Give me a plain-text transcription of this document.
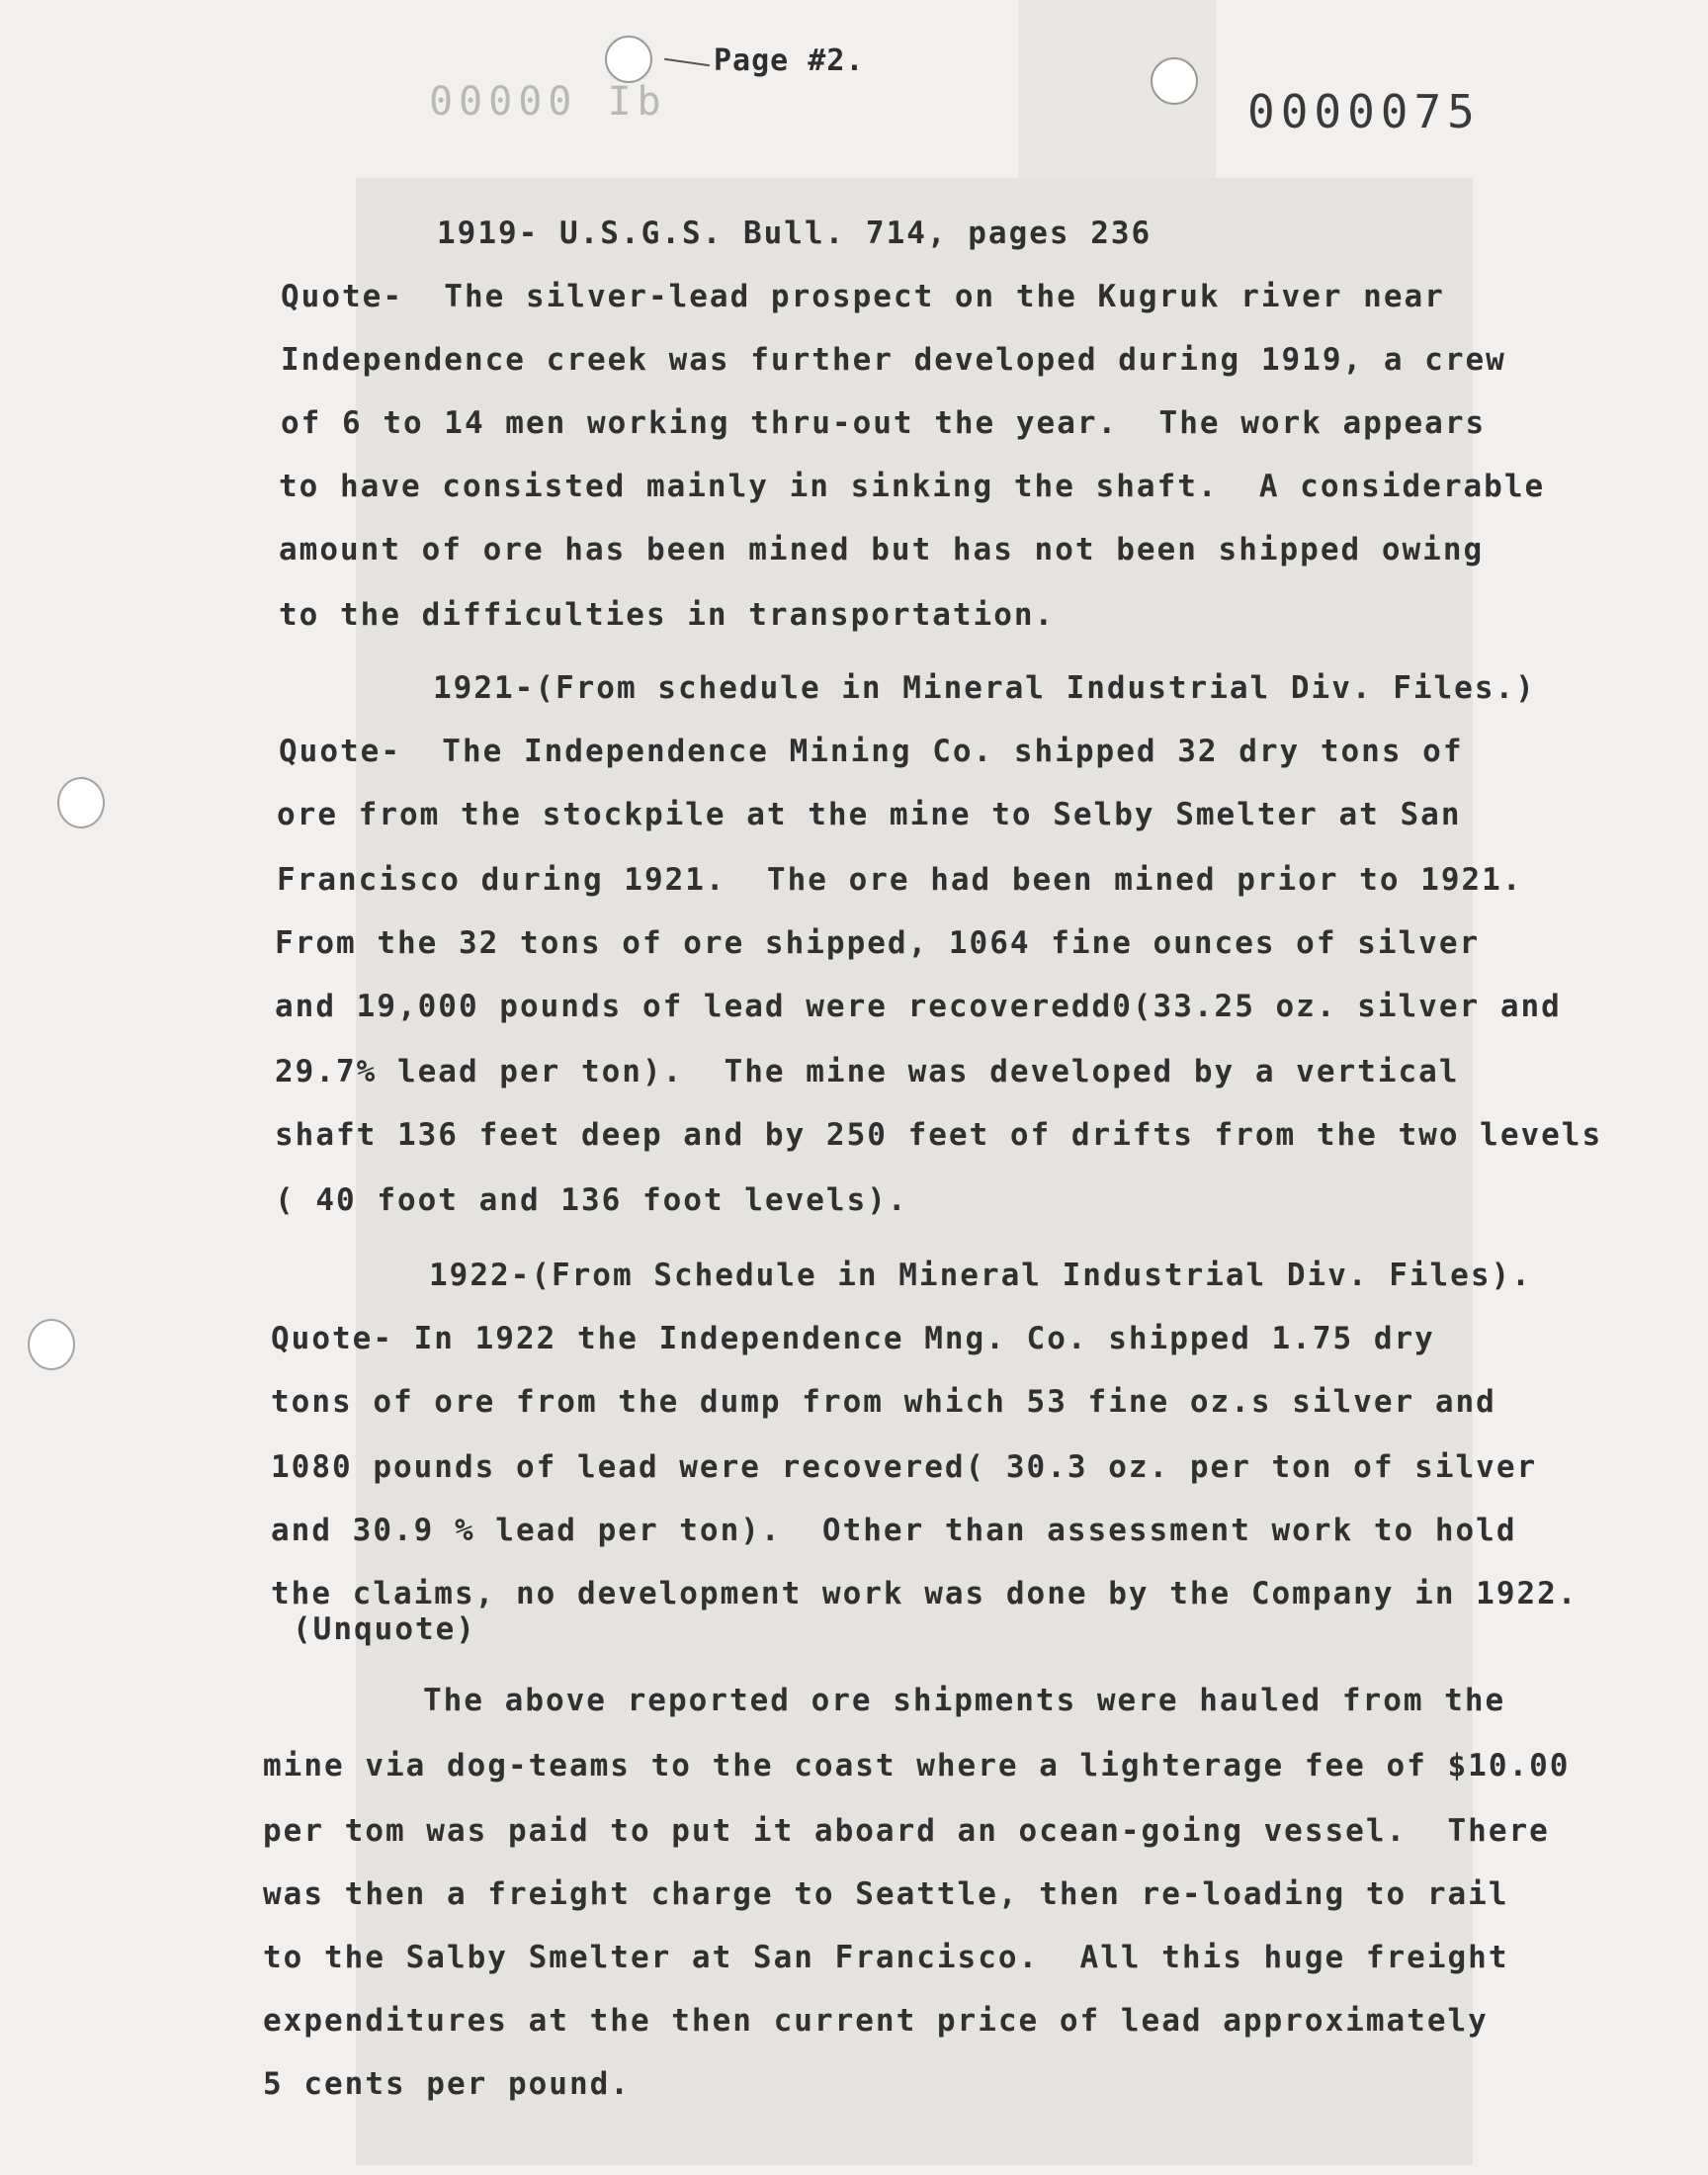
Page #2.
dI 00000	0000075
1919- U.S.G.S. Bull. 714, pages 236
Quote-  The silver-lead prospect on the Kugruk river near
Independence creek was further developed during 1919, a crew
of 6 to 14 men working thru-out the year.  The work appears
to have consisted mainly in sinking the shaft.  A considerable
amount of ore has been mined but has not been shipped owing
to the difficulties in transportation.
1921-(From schedule in Mineral Industrial Div. Files.)
Quote-  The Independence Mining Co. shipped 32 dry tons of
ore from the stockpile at the mine to Selby Smelter at San
Francisco during 1921.  The ore had been mined prior to 1921.
From the 32 tons of ore shipped, 1064 fine ounces of silver
and 19,000 pounds of lead were recoveredd0(33.25 oz. silver and
29.7% lead per ton).  The mine was developed by a vertical
shaft 136 feet deep and by 250 feet of drifts from the two levels
( 40 foot and 136 foot levels).
1922-(From Schedule in Mineral Industrial Div. Files).
Quote- In 1922 the Independence Mng. Co. shipped 1.75 dry
tons of ore from the dump from which 53 fine oz.s silver and
1080 pounds of lead were recovered( 30.3 oz. per ton of silver
and 30.9 % lead per ton).  Other than assessment work to hold
the claims, no development work was done by the Company in 1922.
(Unquote)
The above reported ore shipments were hauled from the
mine via dog-teams to the coast where a lighterage fee of $10.00
per tom was paid to put it aboard an ocean-going vessel.  There
was then a freight charge to Seattle, then re-loading to rail
to the Salby Smelter at San Francisco.  All this huge freight
expenditures at the then current price of lead approximately
5 cents per pound.
